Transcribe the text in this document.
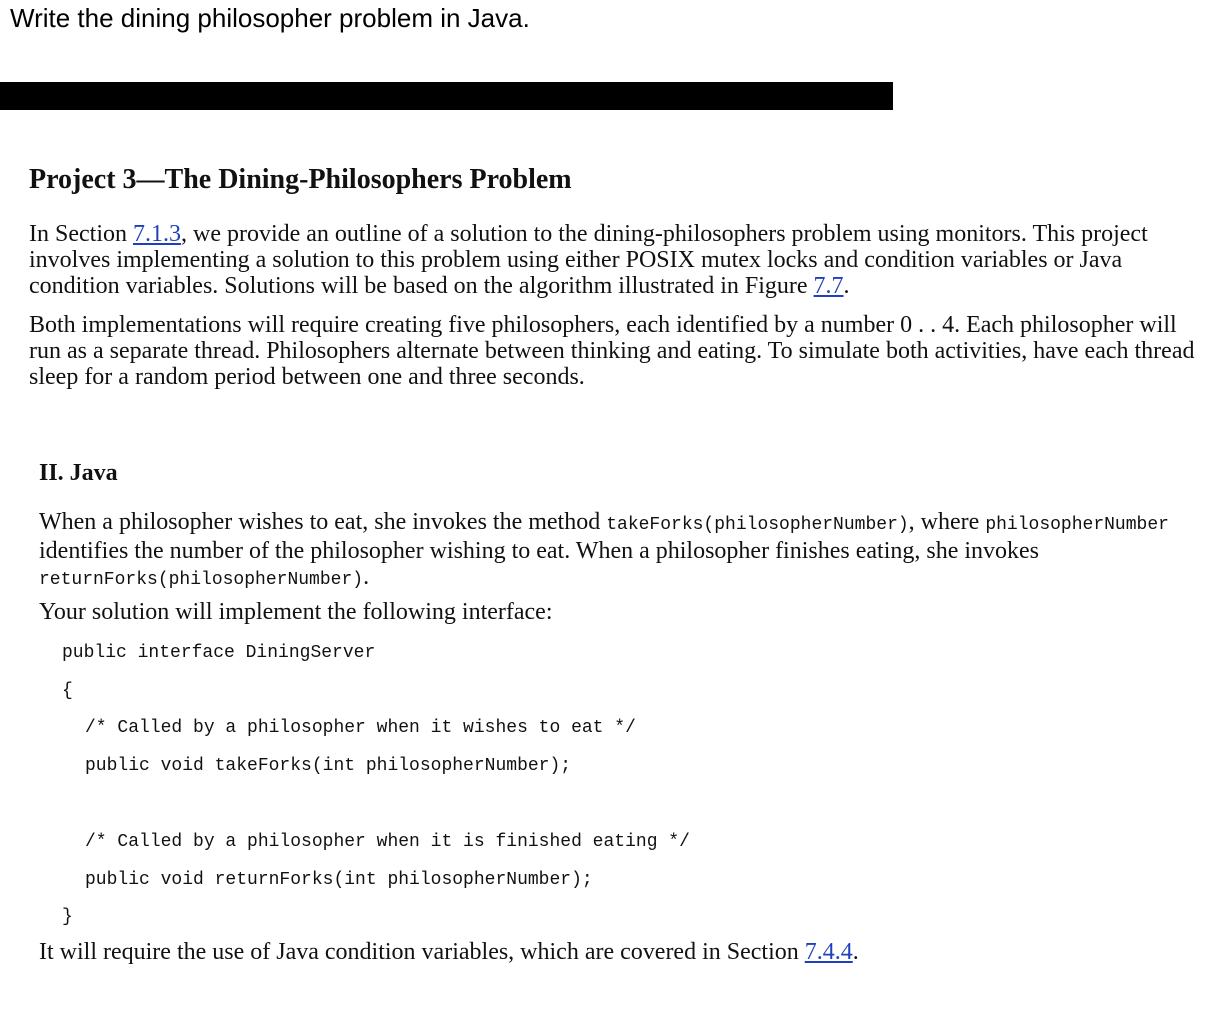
Write the dining philosopher problem in Java.
Project 3—The Dining-Philosophers Problem

In Section 7.1.3, we provide an outline of a solution to the dining-philosophers problem using monitors. This project involves implementing a solution to this problem using either POSIX mutex locks and condition variables or Java condition variables. Solutions will be based on the algorithm illustrated in Figure 7.7.

Both implementations will require creating five philosophers, each identified by a number 0 . . 4. Each philosopher will run as a separate thread. Philosophers alternate between thinking and eating. To simulate both activities, have each thread sleep for a random period between one and three seconds.

II. Java

When a philosopher wishes to eat, she invokes the method takeForks(philosopherNumber), where philosopherNumber identifies the number of the philosopher wishing to eat. When a philosopher finishes eating, she invokes returnForks(philosopherNumber).

Your solution will implement the following interface:

public interface DiningServer
{
/* Called by a philosopher when it wishes to eat */
public void takeForks(int philosopherNumber);
/* Called by a philosopher when it is finished eating */
public void returnForks(int philosopherNumber);
}

It will require the use of Java condition variables, which are covered in Section 7.4.4.
